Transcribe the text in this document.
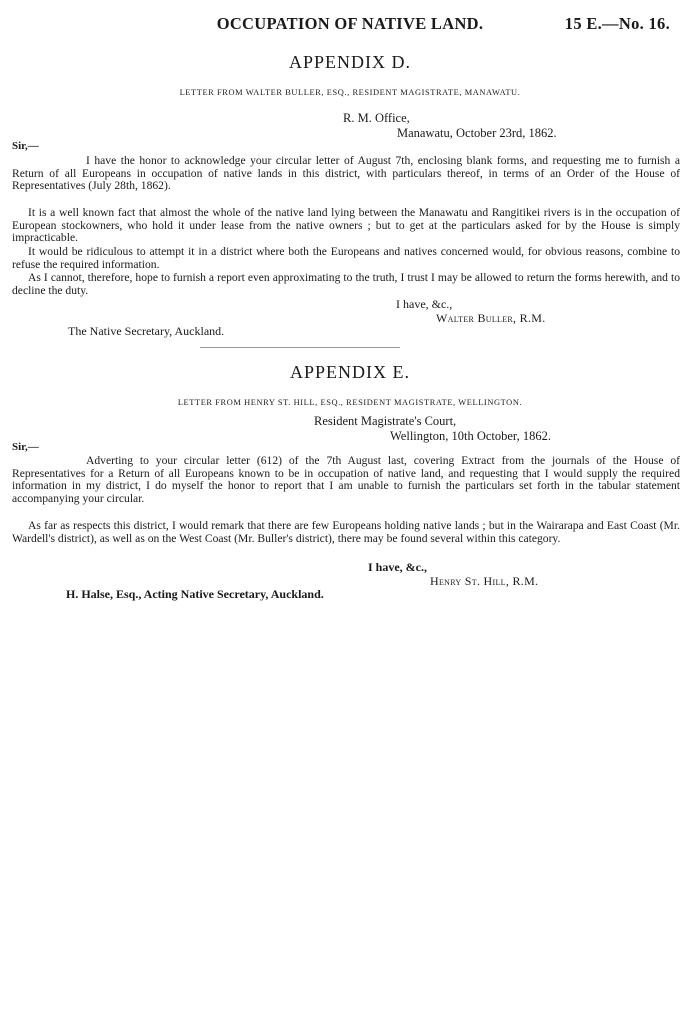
OCCUPATION OF NATIVE LAND.	15 E.—No. 16.
APPENDIX D.
LETTER FROM WALTER BULLER, ESQ., RESIDENT MAGISTRATE, MANAWATU.
R. M. Office,
Manawatu, October 23rd, 1862.
Sir,—

I have the honor to acknowledge your circular letter of August 7th, enclosing blank forms, and requesting me to furnish a Return of all Europeans in occupation of native lands in this district, with particulars thereof, in terms of an Order of the House of Representatives (July 28th, 1862).

It is a well known fact that almost the whole of the native land lying between the Manawatu and Rangitikei rivers is in the occupation of European stockowners, who hold it under lease from the native owners ; but to get at the particulars asked for by the House is simply impracticable.

It would be ridiculous to attempt it in a district where both the Europeans and natives concerned would, for obvious reasons, combine to refuse the required information.

As I cannot, therefore, hope to furnish a report even approximating to the truth, I trust I may be allowed to return the forms herewith, and to decline the duty.

I have, &c.,
Walter Buller, R.M.
The Native Secretary, Auckland.
APPENDIX E.
LETTER FROM HENRY ST. HILL, ESQ., RESIDENT MAGISTRATE, WELLINGTON.
Resident Magistrate's Court,
Wellington, 10th October, 1862.
Sir,—

Adverting to your circular letter (612) of the 7th August last, covering Extract from the journals of the House of Representatives for a Return of all Europeans known to be in occupation of native land, and requesting that I would supply the required information in my district, I do myself the honor to report that I am unable to furnish the particulars set forth in the tabular statement accompanying your circular.

As far as respects this district, I would remark that there are few Europeans holding native lands ; but in the Wairarapa and East Coast (Mr. Wardell's district), as well as on the West Coast (Mr. Buller's district), there may be found several within this category.

I have, &c.,
Henry St. Hill, R.M.
H. Halse, Esq., Acting Native Secretary, Auckland.
